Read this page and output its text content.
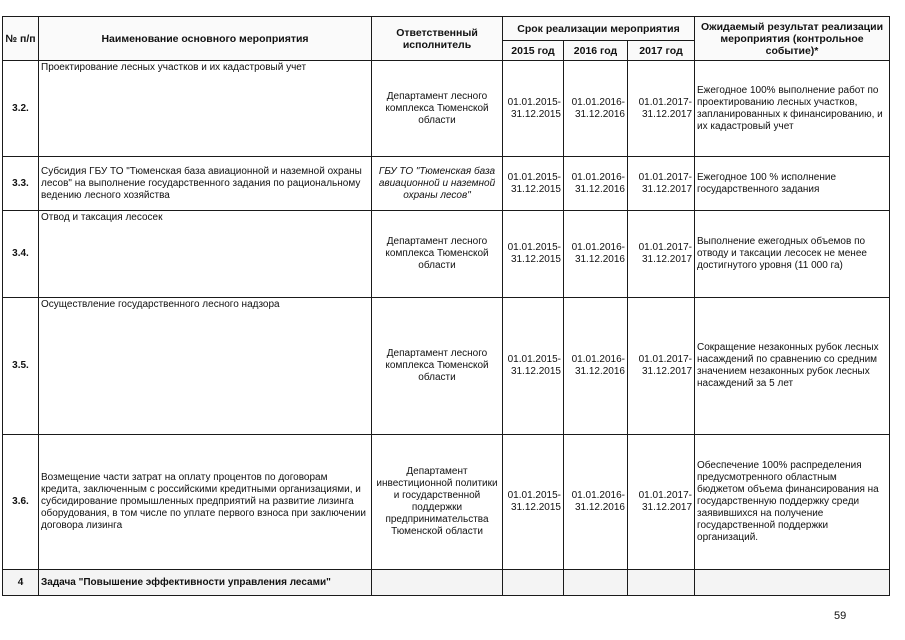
№ п/п	Наименование основного мероприятия	Ответственный исполнитель	Срок реализации мероприятия			Ожидаемый результат реализации мероприятия (контрольное событие)*
			2015 год	2016 год	2017 год	
3.2.	Проектирование лесных участков и их кадастровый учет	Департамент лесного комплекса Тюменской области	01.01.2015-31.12.2015	01.01.2016-31.12.2016	01.01.2017-31.12.2017	Ежегодное 100% выполнение работ по проектированию лесных участков, запланированных к финансированию, и их кадастровый учет
3.3.	Субсидия ГБУ ТО "Тюменская база авиационной и наземной охраны лесов" на выполнение государственного задания по рациональному ведению лесного хозяйства	ГБУ ТО "Тюменская база авиационной и наземной охраны лесов"	01.01.2015-31.12.2015	01.01.2016-31.12.2016	01.01.2017-31.12.2017	Ежегодное 100 % исполнение государственного задания
3.4.	Отвод и таксация лесосек	Департамент лесного комплекса Тюменской области	01.01.2015-31.12.2015	01.01.2016-31.12.2016	01.01.2017-31.12.2017	Выполнение ежегодных объемов по отводу и таксации лесосек не менее достигнутого уровня (11 000 га)
3.5.	Осуществление государственного лесного надзора	Департамент лесного комплекса Тюменской области	01.01.2015-31.12.2015	01.01.2016-31.12.2016	01.01.2017-31.12.2017	Сокращение незаконных рубок лесных насаждений по сравнению со средним значением незаконных рубок лесных насаждений за 5 лет
3.6.	Возмещение части затрат на оплату процентов по договорам кредита, заключенным с российскими кредитными организациями, и субсидирование промышленных предприятий на развитие лизинга оборудования, в том числе по уплате первого взноса при заключении договора лизинга	Департамент инвестиционной политики и государственной поддержки предпринимательства Тюменской области	01.01.2015-31.12.2015	01.01.2016-31.12.2016	01.01.2017-31.12.2017	Обеспечение 100% распределения предусмотренного областным бюджетом объема финансирования на государственную поддержку среди заявившихся на получение государственной поддержки организаций.
4	Задача "Повышение эффективности управления лесами"					
59
